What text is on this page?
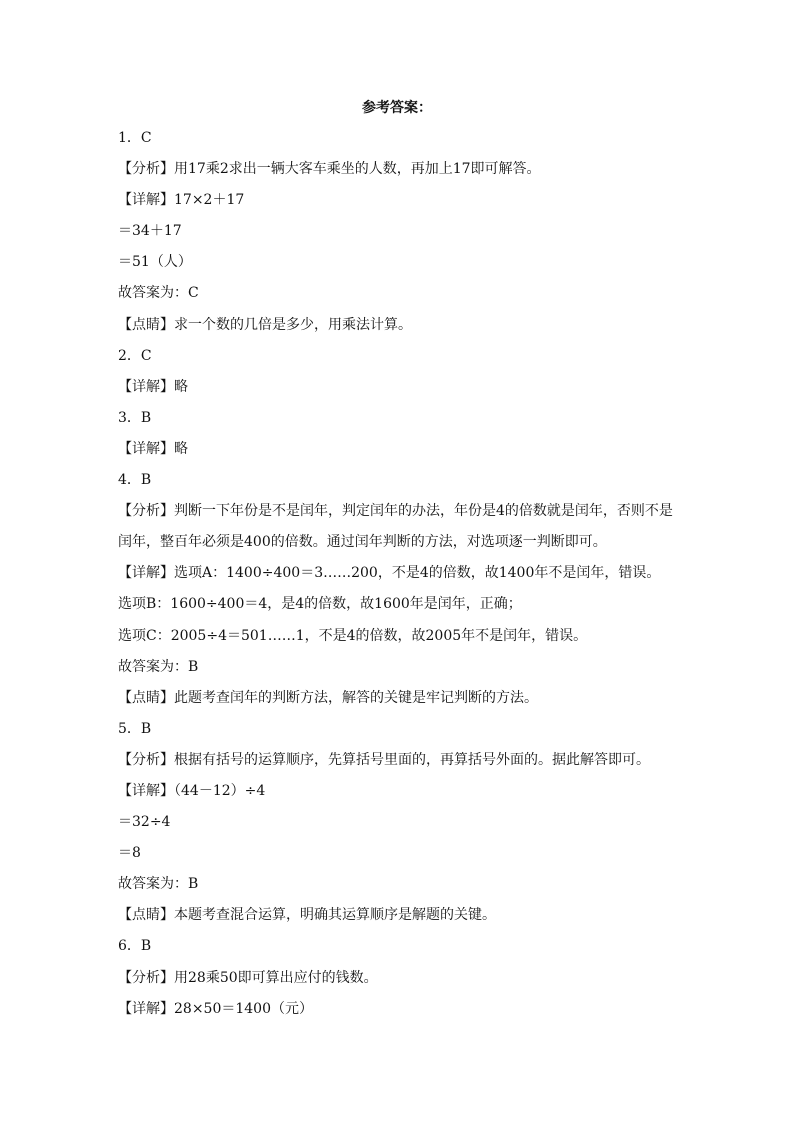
参考答案：
1．C
【分析】用17乘2求出一辆大客车乘坐的人数，再加上17即可解答。
【详解】17×2＋17
＝34＋17
＝51（人）
故答案为：C
【点睛】求一个数的几倍是多少，用乘法计算。
2．C
【详解】略
3．B
【详解】略
4．B
【分析】判断一下年份是不是闰年，判定闰年的办法，年份是4的倍数就是闰年，否则不是
闰年，整百年必须是400的倍数。通过闰年判断的方法，对选项逐一判断即可。
【详解】选项A：1400÷400＝3……200，不是4的倍数，故1400年不是闰年，错误。
选项B：1600÷400＝4，是4的倍数，故1600年是闰年，正确；
选项C：2005÷4＝501……1，不是4的倍数，故2005年不是闰年，错误。
故答案为：B
【点睛】此题考查闰年的判断方法，解答的关键是牢记判断的方法。
5．B
【分析】根据有括号的运算顺序，先算括号里面的，再算括号外面的。据此解答即可。
【详解】（44－12）÷4
＝32÷4
＝8
故答案为：B
【点睛】本题考查混合运算，明确其运算顺序是解题的关键。
6．B
【分析】用28乘50即可算出应付的钱数。
【详解】28×50＝1400（元）
